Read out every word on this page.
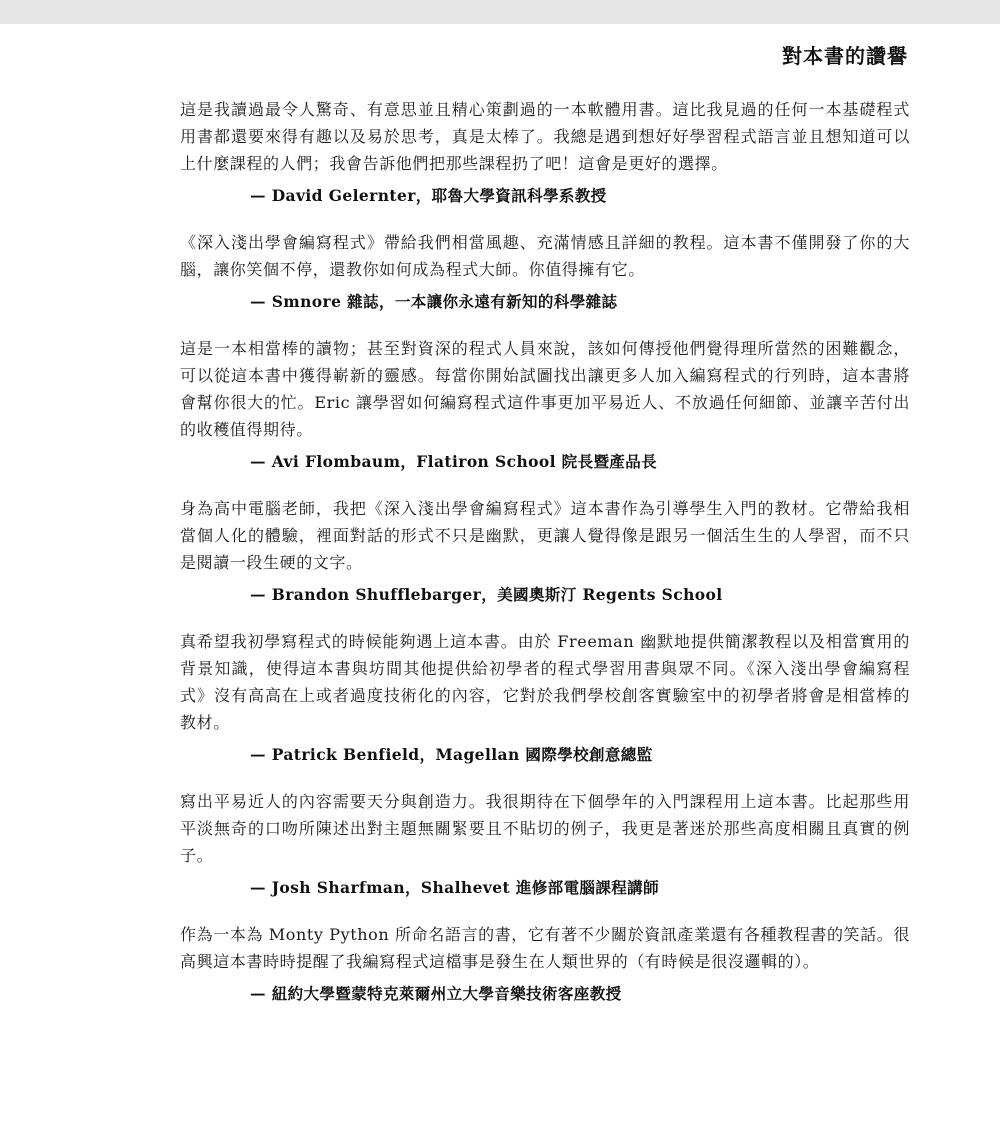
對本書的讚譽

這是我讀過最令人驚奇、有意思並且精心策劃過的一本軟體用書。這比我見過的任何一本基礎程式用書都還要來得有趣以及易於思考，真是太棒了。我總是遇到想好好學習程式語言並且想知道可以上什麼課程的人們；我會告訴他們把那些課程扔了吧！這會是更好的選擇。

— David Gelernter，耶魯大學資訊科學系教授

《深入淺出學會編寫程式》帶給我們相當風趣、充滿情感且詳細的教程。這本書不僅開發了你的大腦，讓你笑個不停，還教你如何成為程式大師。你值得擁有它。

— Smnore 雜誌，一本讓你永遠有新知的科學雜誌

這是一本相當棒的讀物；甚至對資深的程式人員來說，該如何傳授他們覺得理所當然的困難觀念，可以從這本書中獲得嶄新的靈感。每當你開始試圖找出讓更多人加入編寫程式的行列時，這本書將會幫你很大的忙。Eric 讓學習如何編寫程式這件事更加平易近人、不放過任何細節、並讓辛苦付出的收穫值得期待。

— Avi Flombaum，Flatiron School 院長暨產品長

身為高中電腦老師，我把《深入淺出學會編寫程式》這本書作為引導學生入門的教材。它帶給我相當個人化的體驗，裡面對話的形式不只是幽默，更讓人覺得像是跟另一個活生生的人學習，而不只是閱讀一段生硬的文字。

— Brandon Shufflebarger，美國奧斯汀 Regents School

真希望我初學寫程式的時候能夠遇上這本書。由於 Freeman 幽默地提供簡潔教程以及相當實用的背景知識，使得這本書與坊間其他提供給初學者的程式學習用書與眾不同。《深入淺出學會編寫程式》沒有高高在上或者過度技術化的內容，它對於我們學校創客實驗室中的初學者將會是相當棒的教材。

— Patrick Benfield，Magellan 國際學校創意總監

寫出平易近人的內容需要天分與創造力。我很期待在下個學年的入門課程用上這本書。比起那些用平淡無奇的口吻所陳述出對主題無關緊要且不貼切的例子，我更是著迷於那些高度相關且真實的例子。

— Josh Sharfman，Shalhevet 進修部電腦課程講師

作為一本為 Monty Python 所命名語言的書，它有著不少關於資訊產業還有各種教程書的笑話。很高興這本書時時提醒了我編寫程式這檔事是發生在人類世界的（有時候是很沒邏輯的）。

— 紐約大學暨蒙特克萊爾州立大學音樂技術客座教授
